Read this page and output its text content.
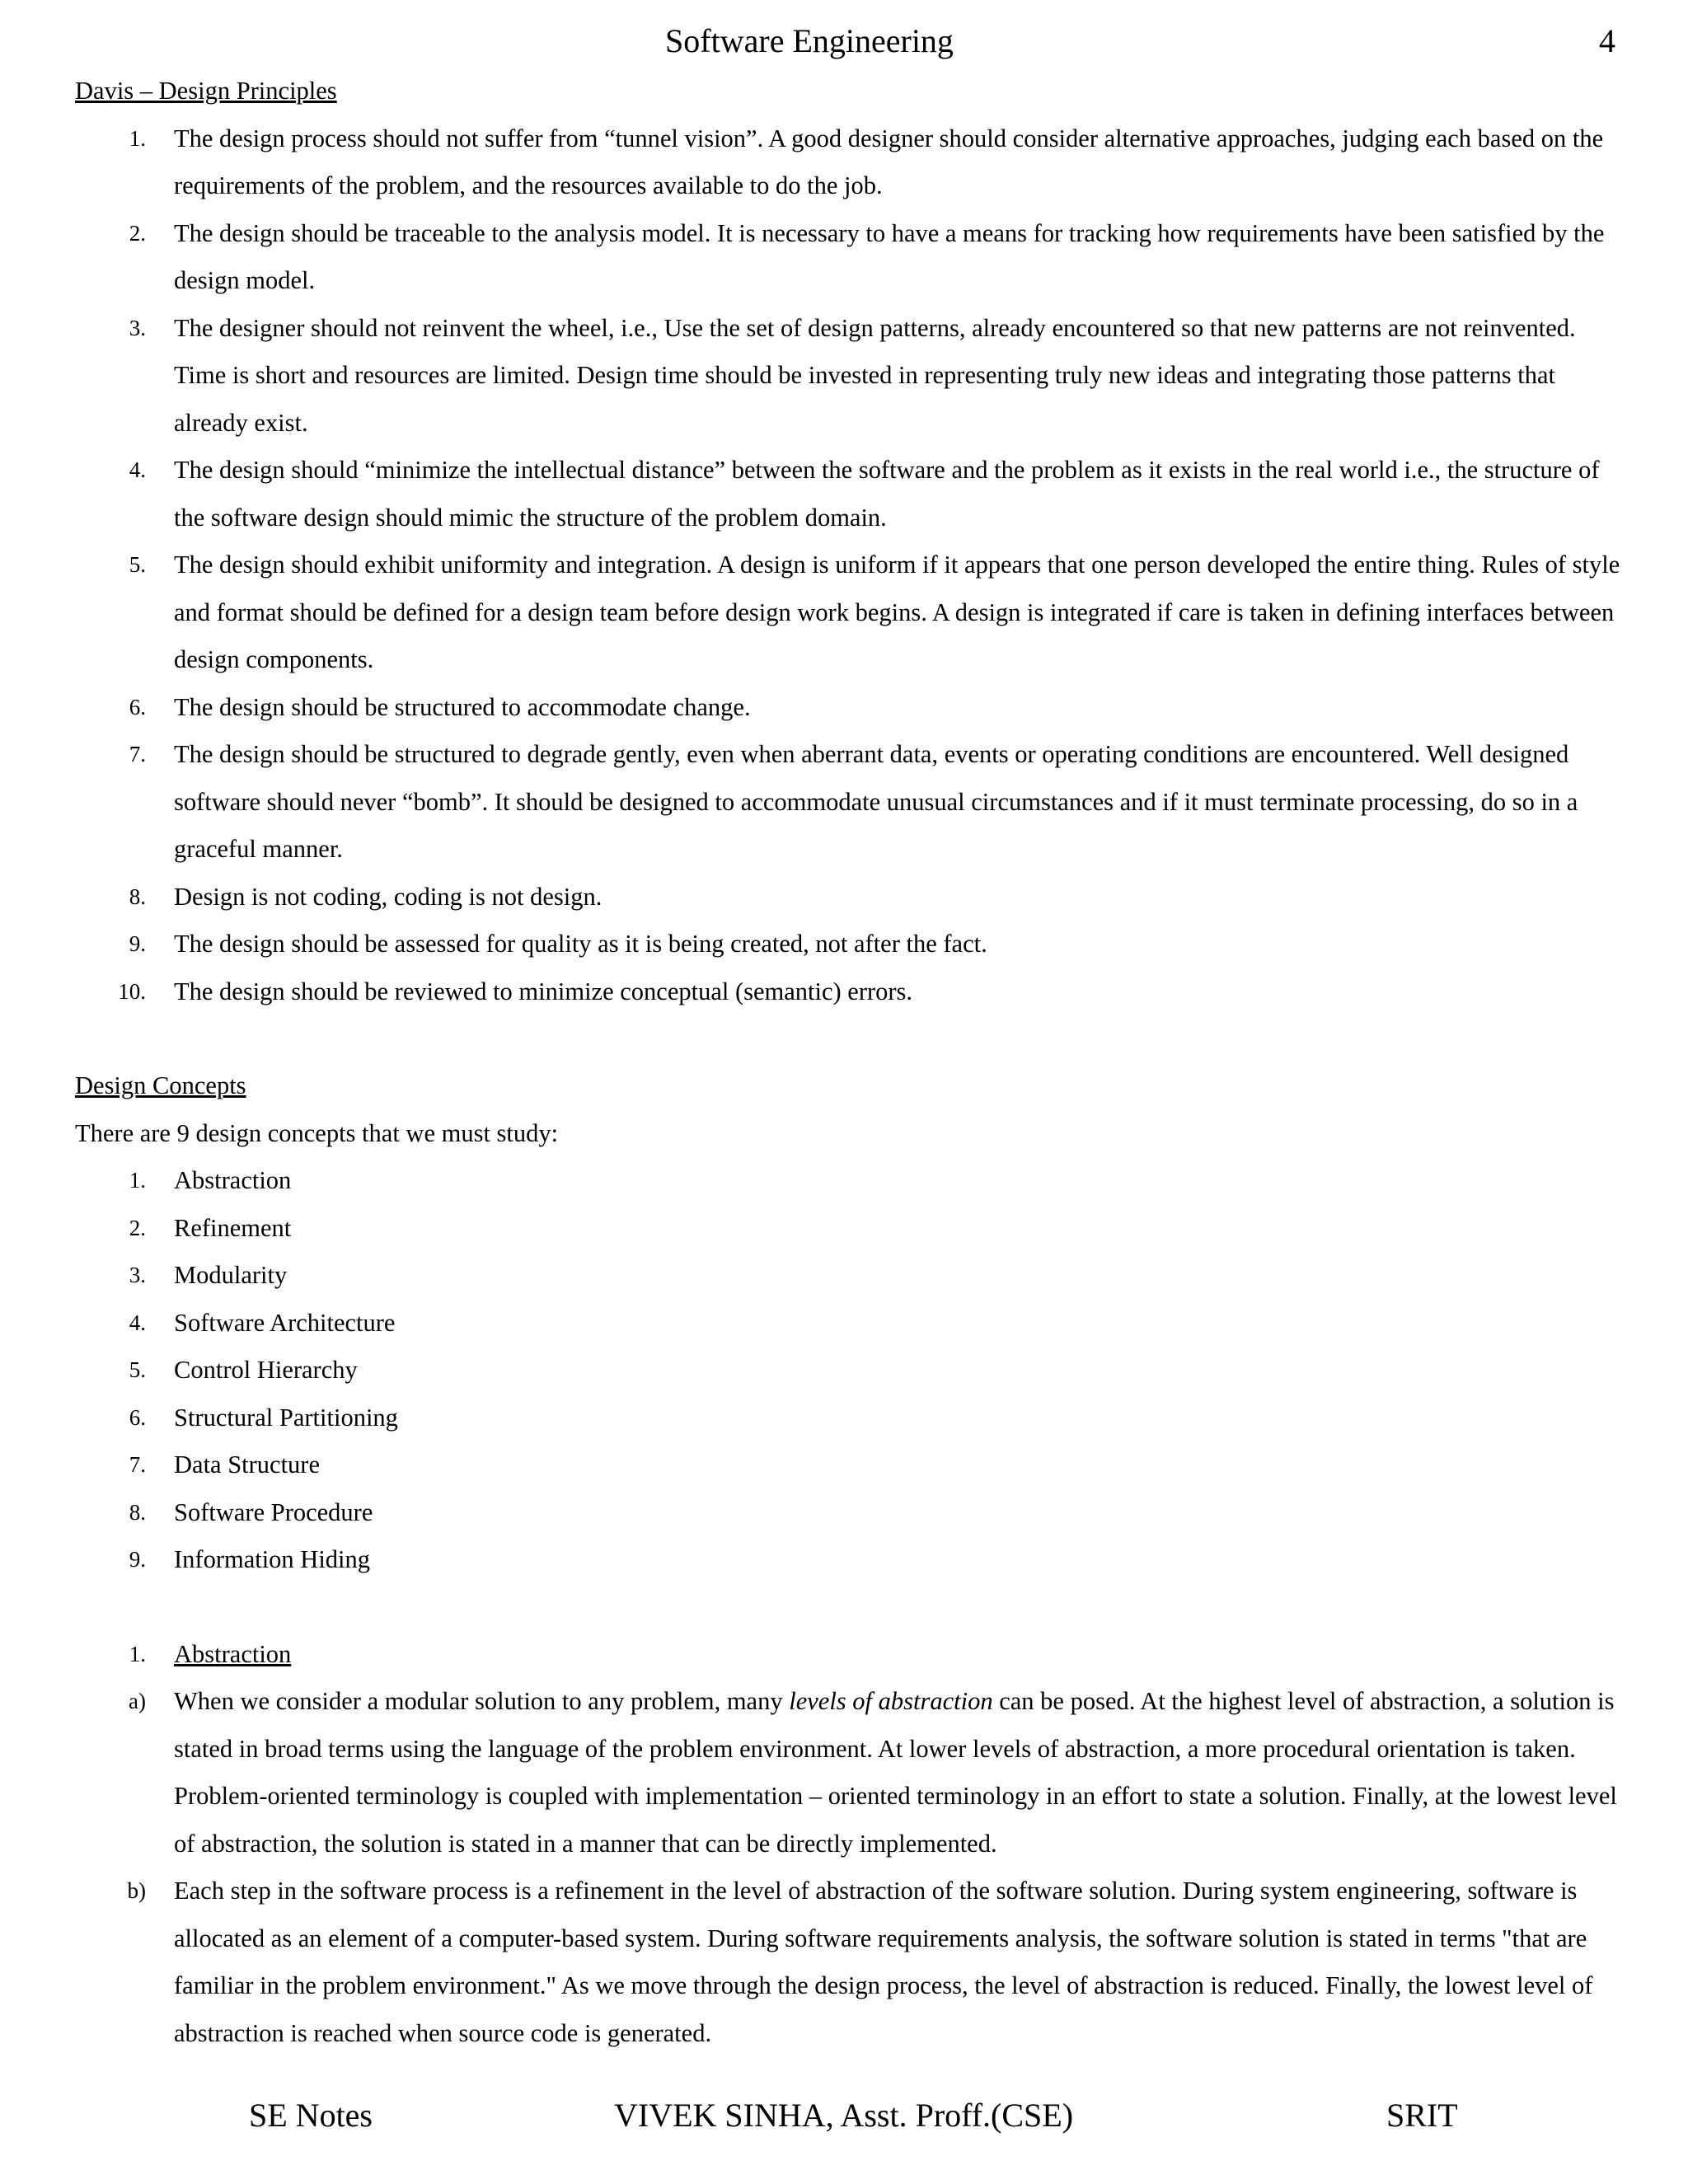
Software Engineering	4

Davis – Design Principles

1. The design process should not suffer from “tunnel vision”. A good designer should consider alternative approaches, judging each based on the requirements of the problem, and the resources available to do the job.
2. The design should be traceable to the analysis model. It is necessary to have a means for tracking how requirements have been satisfied by the design model.
3. The designer should not reinvent the wheel, i.e., Use the set of design patterns, already encountered so that new patterns are not reinvented. Time is short and resources are limited. Design time should be invested in representing truly new ideas and integrating those patterns that already exist.
4. The design should “minimize the intellectual distance” between the software and the problem as it exists in the real world i.e., the structure of the software design should mimic the structure of the problem domain.
5. The design should exhibit uniformity and integration. A design is uniform if it appears that one person developed the entire thing. Rules of style and format should be defined for a design team before design work begins. A design is integrated if care is taken in defining interfaces between design components.
6. The design should be structured to accommodate change.
7. The design should be structured to degrade gently, even when aberrant data, events or operating conditions are encountered. Well designed software should never “bomb”. It should be designed to accommodate unusual circumstances and if it must terminate processing, do so in a graceful manner.
8. Design is not coding, coding is not design.
9. The design should be assessed for quality as it is being created, not after the fact.
10. The design should be reviewed to minimize conceptual (semantic) errors.

Design Concepts

There are 9 design concepts that we must study:

1. Abstraction
2. Refinement
3. Modularity
4. Software Architecture
5. Control Hierarchy
6. Structural Partitioning
7. Data Structure
8. Software Procedure
9. Information Hiding
1. Abstraction
a) When we consider a modular solution to any problem, many levels of abstraction can be posed. At the highest level of abstraction, a solution is stated in broad terms using the language of the problem environment. At lower levels of abstraction, a more procedural orientation is taken. Problem-oriented terminology is coupled with implementation – oriented terminology in an effort to state a solution. Finally, at the lowest level of abstraction, the solution is stated in a manner that can be directly implemented.
b) Each step in the software process is a refinement in the level of abstraction of the software solution. During system engineering, software is allocated as an element of a computer-based system. During software requirements analysis, the software solution is stated in terms "that are familiar in the problem environment." As we move through the design process, the level of abstraction is reduced. Finally, the lowest level of abstraction is reached when source code is generated.
SE Notes	VIVEK SINHA, Asst. Proff.(CSE)	SRIT
